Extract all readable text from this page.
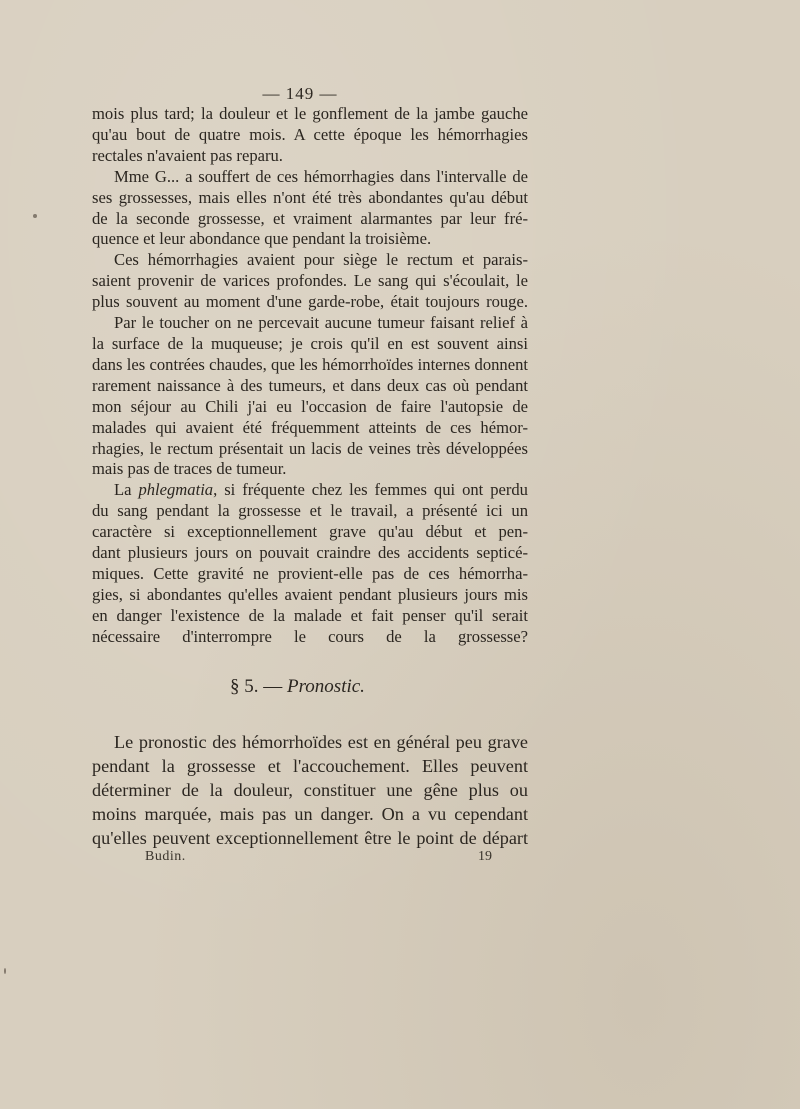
— 149 —
mois plus tard; la douleur et le gonflement de la jambe gauche
qu'au bout de quatre mois. A cette époque les hémorrhagies
rectales n'avaient pas reparu.
Mme G... a souffert de ces hémorrhagies dans l'intervalle de
ses grossesses, mais elles n'ont été très abondantes qu'au début
de la seconde grossesse, et vraiment alarmantes par leur fré-
quence et leur abondance que pendant la troisième.
Ces hémorrhagies avaient pour siège le rectum et parais-
saient provenir de varices profondes. Le sang qui s'écoulait, le
plus souvent au moment d'une garde-robe, était toujours rouge.
Par le toucher on ne percevait aucune tumeur faisant relief à
la surface de la muqueuse; je crois qu'il en est souvent ainsi
dans les contrées chaudes, que les hémorrhoïdes internes donnent
rarement naissance à des tumeurs, et dans deux cas où pendant
mon séjour au Chili j'ai eu l'occasion de faire l'autopsie de
malades qui avaient été fréquemment atteints de ces hémor-
rhagies, le rectum présentait un lacis de veines très développées
mais pas de traces de tumeur.
La phlegmatia, si fréquente chez les femmes qui ont perdu
du sang pendant la grossesse et le travail, a présenté ici un
caractère si exceptionnellement grave qu'au début et pen-
dant plusieurs jours on pouvait craindre des accidents septicé-
miques. Cette gravité ne provient-elle pas de ces hémorrha-
gies, si abondantes qu'elles avaient pendant plusieurs jours mis
en danger l'existence de la malade et fait penser qu'il serait
nécessaire d'interrompre le cours de la grossesse?
§ 5. — Pronostic.
Le pronostic des hémorrhoïdes est en général peu grave
pendant la grossesse et l'accouchement. Elles peuvent
déterminer de la douleur, constituer une gêne plus ou
moins marquée, mais pas un danger. On a vu cependant
qu'elles peuvent exceptionnellement être le point de départ
Budin.	19
